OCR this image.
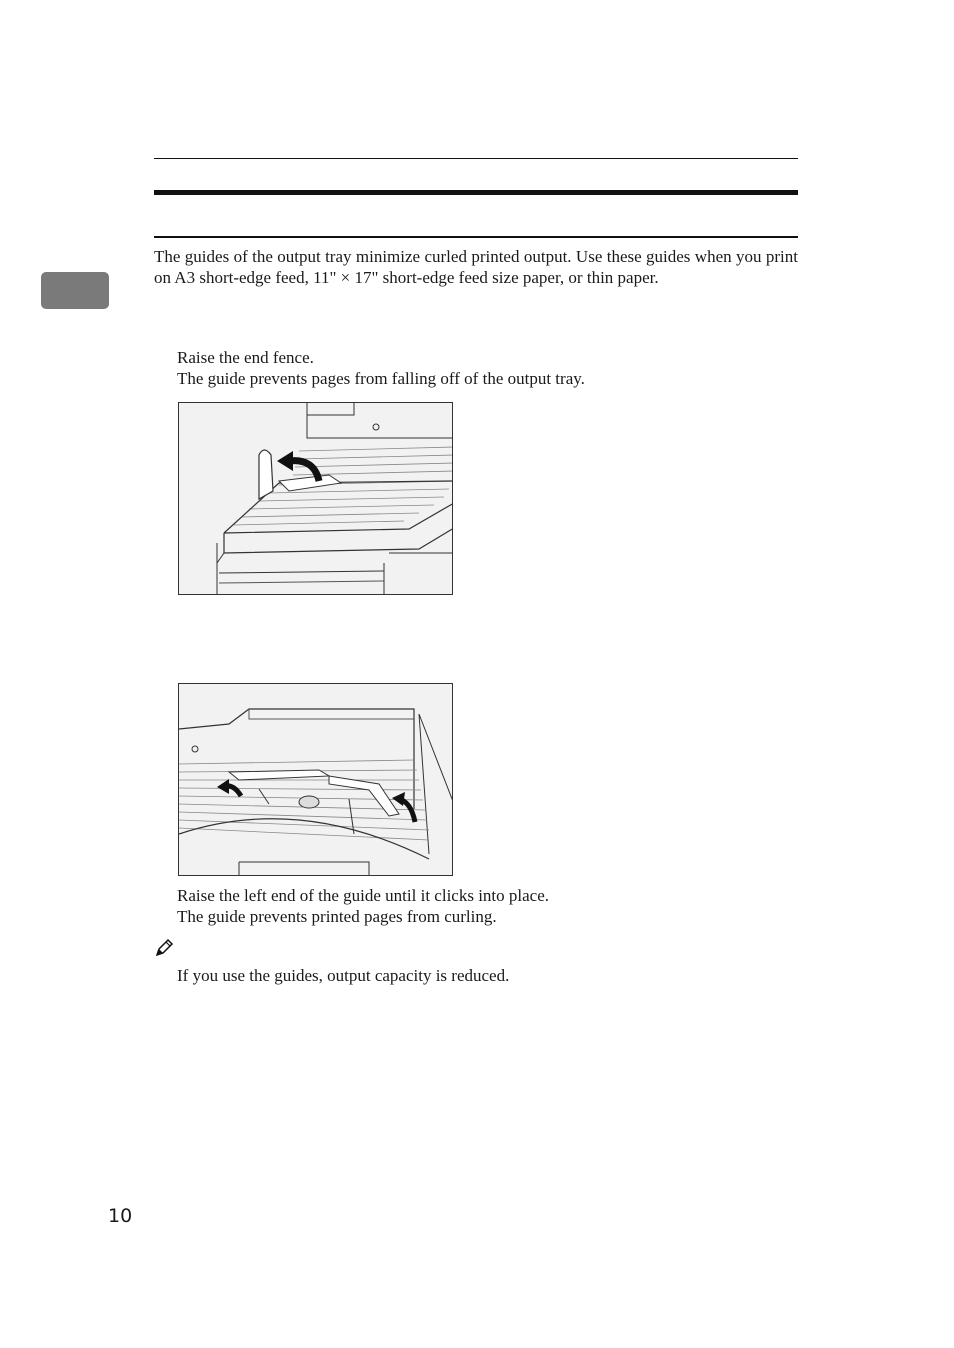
The guides of the output tray minimize curled printed output. Use these guides when you print on A3 short-edge feed, 11" × 17" short-edge feed size paper, or thin paper.

Raise the end fence.

The guide prevents pages from falling off of the output tray.

Raise the left end of the guide until it clicks into place.

The guide prevents printed pages from curling.

If you use the guides, output capacity is reduced.

10
